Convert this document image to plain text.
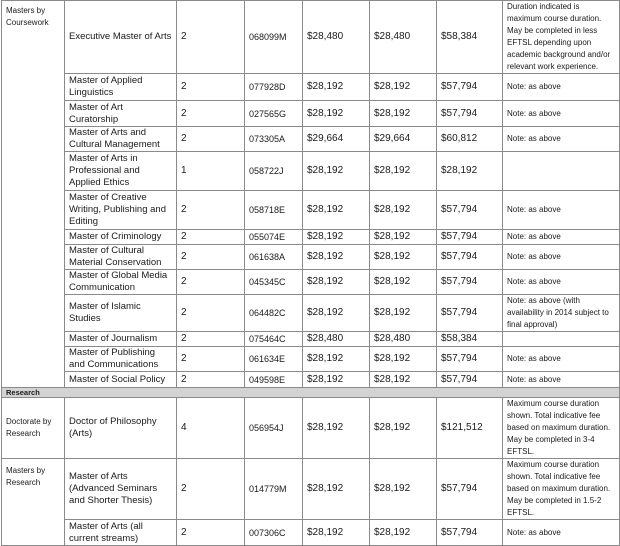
Masters by Coursework	Executive Master of Arts	2	068099M	$28,480	$28,480	$58,384	Duration indicated is maximum course duration. May be completed in less EFTSL depending upon academic background and/or relevant work experience.
	Master of Applied Linguistics	2	077928D	$28,192	$28,192	$57,794	Note: as above
	Master of Art Curatorship	2	027565G	$28,192	$28,192	$57,794	Note: as above
	Master of Arts and Cultural Management	2	073305A	$29,664	$29,664	$60,812	Note: as above
	Master of Arts in Professional and Applied Ethics	1	058722J	$28,192	$28,192	$28,192	
	Master of Creative Writing, Publishing and Editing	2	058718E	$28,192	$28,192	$57,794	Note: as above
	Master of Criminology	2	055074E	$28,192	$28,192	$57,794	Note: as above
	Master of Cultural Material Conservation	2	061638A	$28,192	$28,192	$57,794	Note: as above
	Master of Global Media Communication	2	045345C	$28,192	$28,192	$57,794	Note: as above
	Master of Islamic Studies	2	064482C	$28,192	$28,192	$57,794	Note: as above (with availability in 2014 subject to final approval)
	Master of Journalism	2	075464C	$28,480	$28,480	$58,384	
	Master of Publishing and Communications	2	061634E	$28,192	$28,192	$57,794	Note: as above
	Master of Social Policy	2	049598E	$28,192	$28,192	$57,794	Note: as above
Research							
Doctorate by Research	Doctor of Philosophy (Arts)	4	056954J	$28,192	$28,192	$121,512	Maximum course duration shown. Total indicative fee based on maximum duration. May be completed in 3-4 EFTSL.
Masters by Research	Master of Arts (Advanced Seminars and Shorter Thesis)	2	014779M	$28,192	$28,192	$57,794	Maximum course duration shown. Total indicative fee based on maximum duration. May be completed in 1.5-2 EFTSL.
	Master of Arts (all current streams)	2	007306C	$28,192	$28,192	$57,794	Note: as above
